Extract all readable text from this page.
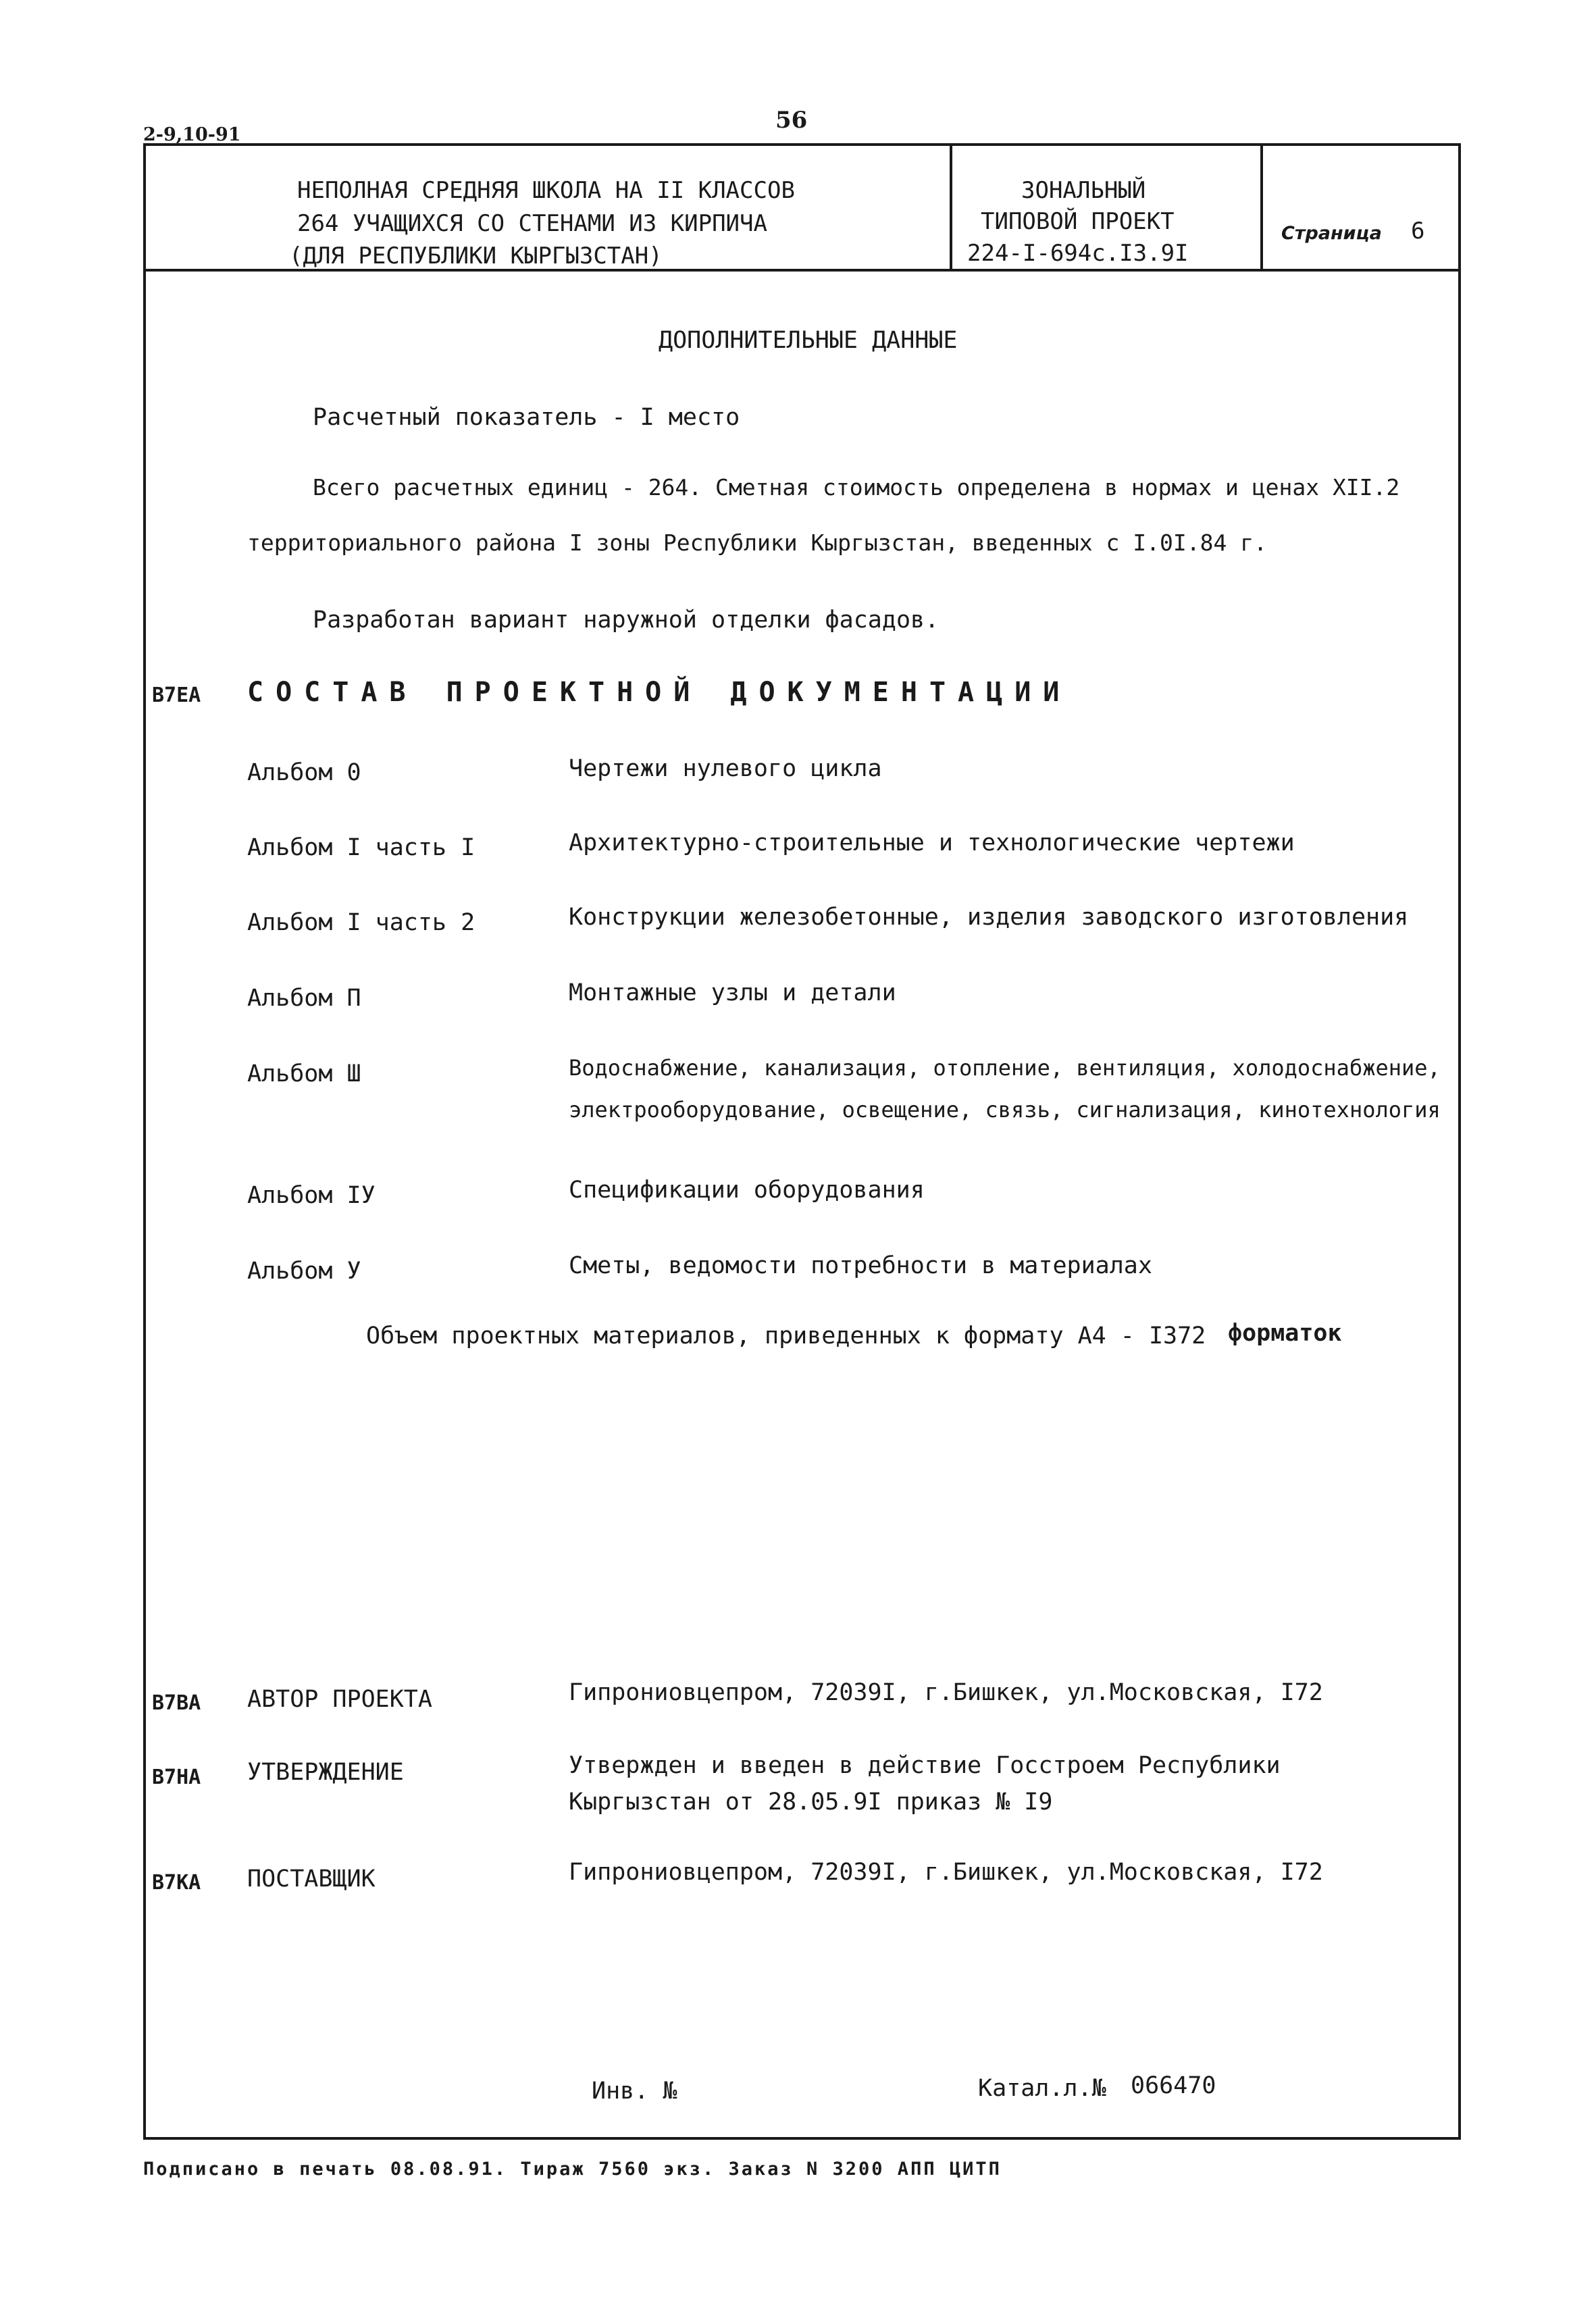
2-9,10-91
56
НЕПОЛНАЯ СРЕДНЯЯ ШКОЛА НА II КЛАССОВ
264 УЧАЩИХСЯ СО СТЕНАМИ ИЗ КИРПИЧА
(ДЛЯ РЕСПУБЛИКИ КЫРГЫЗСТАН)
ЗОНАЛЬНЫЙ
ТИПОВОЙ ПРОЕКТ
224-I-694с.I3.9I
Страница 6
ДОПОЛНИТЕЛЬНЫЕ ДАННЫЕ
Расчетный показатель - I место
Всего расчетных единиц - 264. Сметная стоимость определена в нормах и ценах XII.2
территориального района I зоны Республики Кыргызстан, введенных с I.0I.84 г.
Разработан вариант наружной отделки фасадов.
В7ЕА СОСТАВ ПРОЕКТНОЙ ДОКУМЕНТАЦИИ
Альбом 0	Чертежи нулевого цикла
Альбом I часть I	Архитектурно-строительные и технологические чертежи
Альбом I часть 2	Конструкции железобетонные, изделия заводского изготовления
Альбом П	Монтажные узлы и детали
Альбом Ш	Водоснабжение, канализация, отопление, вентиляция, холодоснабжение,
электрооборудование, освещение, связь, сигнализация, кинотехнология
Альбом IУ	Спецификации оборудования
Альбом У	Сметы, ведомости потребности в материалах
Объем проектных материалов, приведенных к формату А4 - I372 форматок
В7ВА АВТОР ПРОЕКТА	Гипрониовцепром, 72039I, г.Бишкек, ул.Московская, I72
В7НА УТВЕРЖДЕНИЕ	Утвержден и введен в действие Госстроем Республики
Кыргызстан от 28.05.9I приказ № I9
В7КА ПОСТАВЩИК	Гипрониовцепром, 72039I, г.Бишкек, ул.Московская, I72
Инв. №	Катал.л.№ 066470
Подписано в печать 08.08.91. Тираж 7560 экз. Заказ N 3200 АПП ЦИТП
